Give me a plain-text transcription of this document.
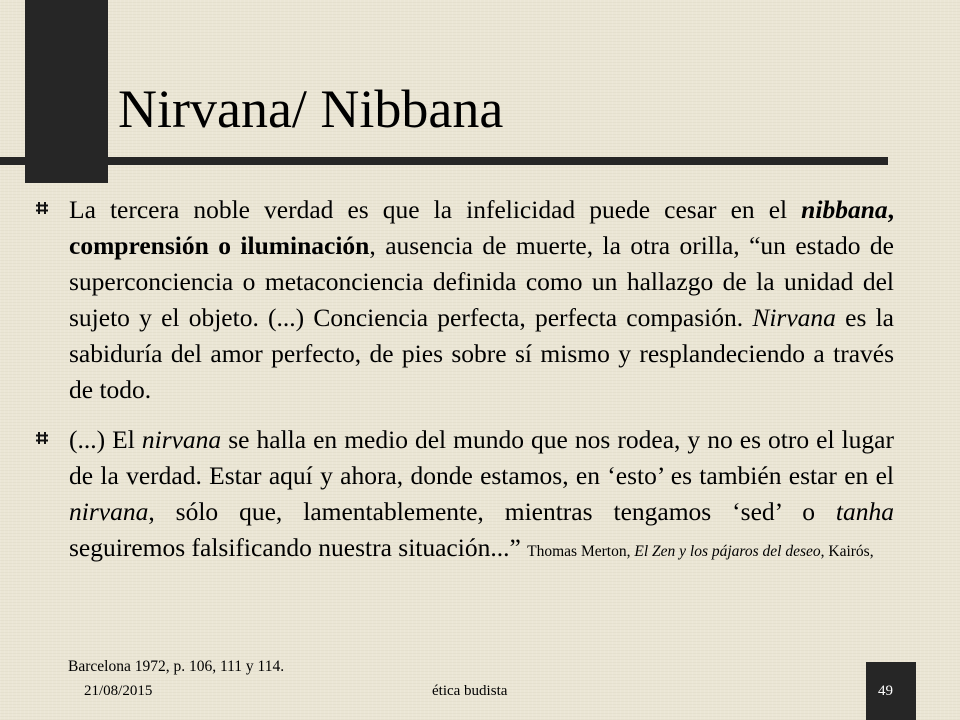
Nirvana/ Nibbana
La tercera noble verdad es que la infelicidad puede cesar en el nibbana, comprensión o iluminación, ausencia de muerte, la otra orilla, “un estado de superconciencia o metaconciencia definida como un hallazgo de la unidad del sujeto y el objeto. (...) Conciencia perfecta, perfecta compasión. Nirvana es la sabiduría del amor perfecto, de pies sobre sí mismo y resplandeciendo a través de todo.
(...) El nirvana se halla en medio del mundo que nos rodea, y no es otro el lugar de la verdad. Estar aquí y ahora, donde estamos, en ‘esto’ es también estar en el nirvana, sólo que, lamentablemente, mientras tengamos ‘sed’ o tanha seguiremos falsificando nuestra situación...” Thomas Merton, El Zen y los pájaros del deseo, Kairós,

Barcelona 1972, p. 106, 111 y 114.

21/08/2015	ética budista	49
